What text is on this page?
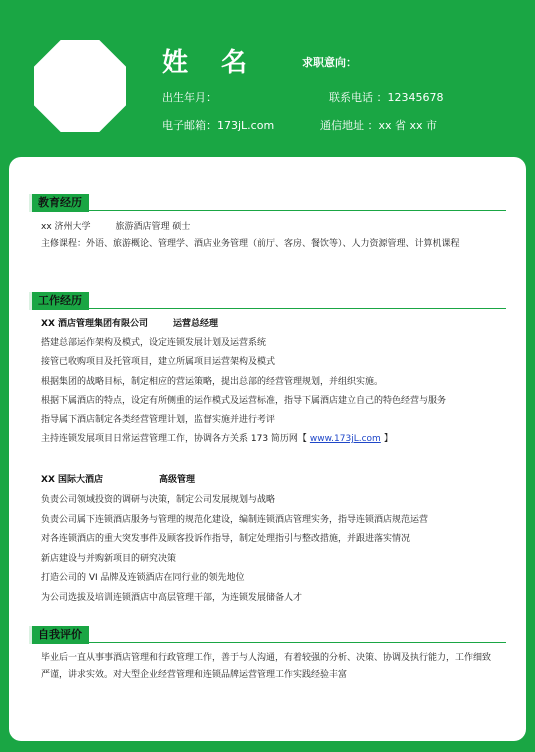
姓 名	求职意向：
出生年月：	联系电话 ：12345678
电子邮箱：173jL.com	通信地址 ：xx 省 xx 市
教育经历
xx 济州大学	旅游酒店管理 硕士
主修课程：外语、旅游概论、管理学、酒店业务管理（前厅、客房、餐饮等）、人力资源管理、计算机课程
工作经历
XX 酒店管理集团有限公司	运营总经理
搭建总部运作架构及模式，设定连锁发展计划及运营系统
接管已收购项目及托管项目，建立所属项目运营架构及模式
根据集团的战略目标，制定相应的营运策略，提出总部的经营管理规划，并组织实施。
根据下属酒店的特点，设定有所侧重的运作模式及运营标准，指导下属酒店建立自己的特色经营与服务
指导属下酒店制定各类经营管理计划，监督实施并进行考评
主持连锁发展项目日常运营管理工作，协调各方关系 173 简历网【 www.173jL.com 】
XX 国际大酒店	高级管理
负责公司领域投资的调研与决策，制定公司发展规划与战略
负责公司属下连锁酒店服务与管理的规范化建设，编制连锁酒店管理实务，指导连锁酒店规范运营
对各连锁酒店的重大突发事件及顾客投诉作指导，制定处理指引与整改措施，并跟进落实情况
新店建设与并购新项目的研究决策
打造公司的 VI 品牌及连锁酒店在同行业的领先地位
为公司选拔及培训连锁酒店中高层管理干部，为连锁发展储备人才
自我评价
毕业后一直从事事酒店管理和行政管理工作，善于与人沟通，有着较强的分析、决策、协调及执行能力，工作细致严谨，讲求实效。对大型企业经营管理和连锁品牌运营管理工作实践经验丰富
